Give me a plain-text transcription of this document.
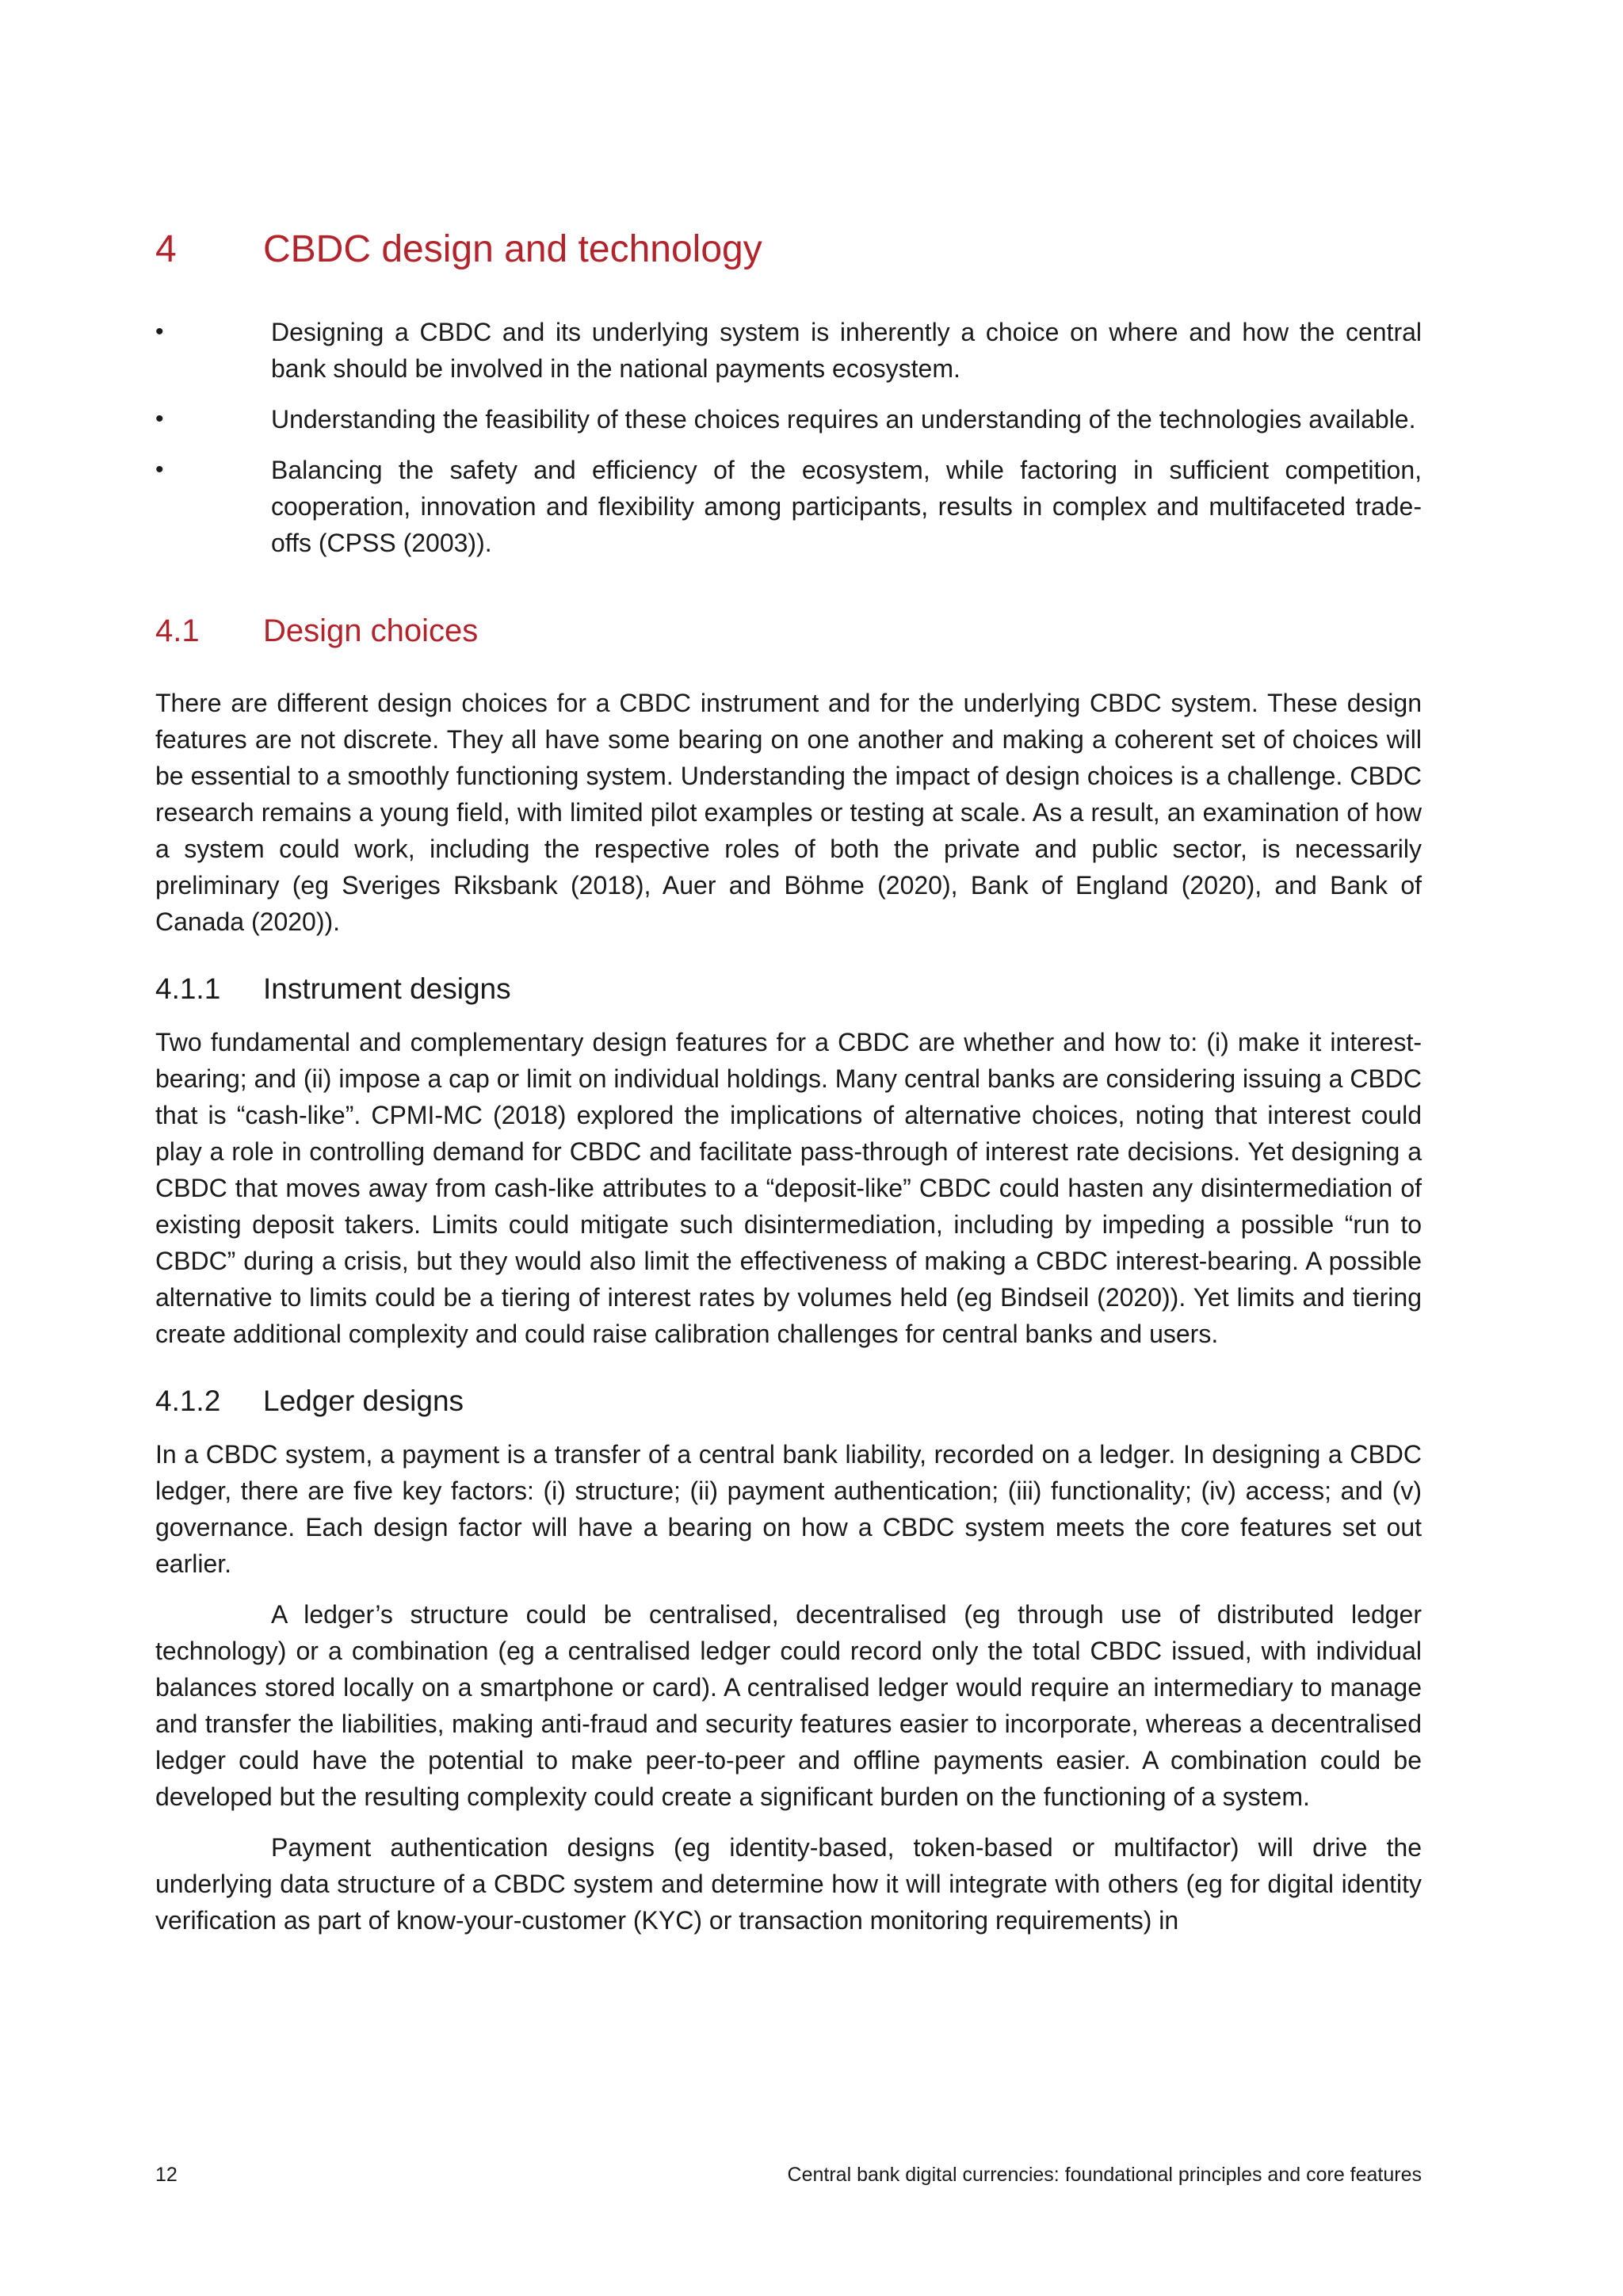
4	CBDC design and technology
•	Designing a CBDC and its underlying system is inherently a choice on where and how the central bank should be involved in the national payments ecosystem.
•	Understanding the feasibility of these choices requires an understanding of the technologies available.
•	Balancing the safety and efficiency of the ecosystem, while factoring in sufficient competition, cooperation, innovation and flexibility among participants, results in complex and multifaceted trade-offs (CPSS (2003)).
4.1	Design choices

There are different design choices for a CBDC instrument and for the underlying CBDC system. These design features are not discrete. They all have some bearing on one another and making a coherent set of choices will be essential to a smoothly functioning system. Understanding the impact of design choices is a challenge. CBDC research remains a young field, with limited pilot examples or testing at scale. As a result, an examination of how a system could work, including the respective roles of both the private and public sector, is necessarily preliminary (eg Sveriges Riksbank (2018), Auer and Böhme (2020), Bank of England (2020), and Bank of Canada (2020)).

4.1.1	Instrument designs

Two fundamental and complementary design features for a CBDC are whether and how to: (i) make it interest-bearing; and (ii) impose a cap or limit on individual holdings. Many central banks are considering issuing a CBDC that is “cash-like”. CPMI-MC (2018) explored the implications of alternative choices, noting that interest could play a role in controlling demand for CBDC and facilitate pass-through of interest rate decisions. Yet designing a CBDC that moves away from cash-like attributes to a “deposit-like” CBDC could hasten any disintermediation of existing deposit takers. Limits could mitigate such disintermediation, including by impeding a possible “run to CBDC” during a crisis, but they would also limit the effectiveness of making a CBDC interest-bearing. A possible alternative to limits could be a tiering of interest rates by volumes held (eg Bindseil (2020)). Yet limits and tiering create additional complexity and could raise calibration challenges for central banks and users.

4.1.2	Ledger designs

In a CBDC system, a payment is a transfer of a central bank liability, recorded on a ledger. In designing a CBDC ledger, there are five key factors: (i) structure; (ii) payment authentication; (iii) functionality; (iv) access; and (v) governance. Each design factor will have a bearing on how a CBDC system meets the core features set out earlier.

A ledger’s structure could be centralised, decentralised (eg through use of distributed ledger technology) or a combination (eg a centralised ledger could record only the total CBDC issued, with individual balances stored locally on a smartphone or card). A centralised ledger would require an intermediary to manage and transfer the liabilities, making anti-fraud and security features easier to incorporate, whereas a decentralised ledger could have the potential to make peer-to-peer and offline payments easier. A combination could be developed but the resulting complexity could create a significant burden on the functioning of a system.

Payment authentication designs (eg identity-based, token-based or multifactor) will drive the underlying data structure of a CBDC system and determine how it will integrate with others (eg for digital identity verification as part of know-your-customer (KYC) or transaction monitoring requirements) in

12	Central bank digital currencies: foundational principles and core features
